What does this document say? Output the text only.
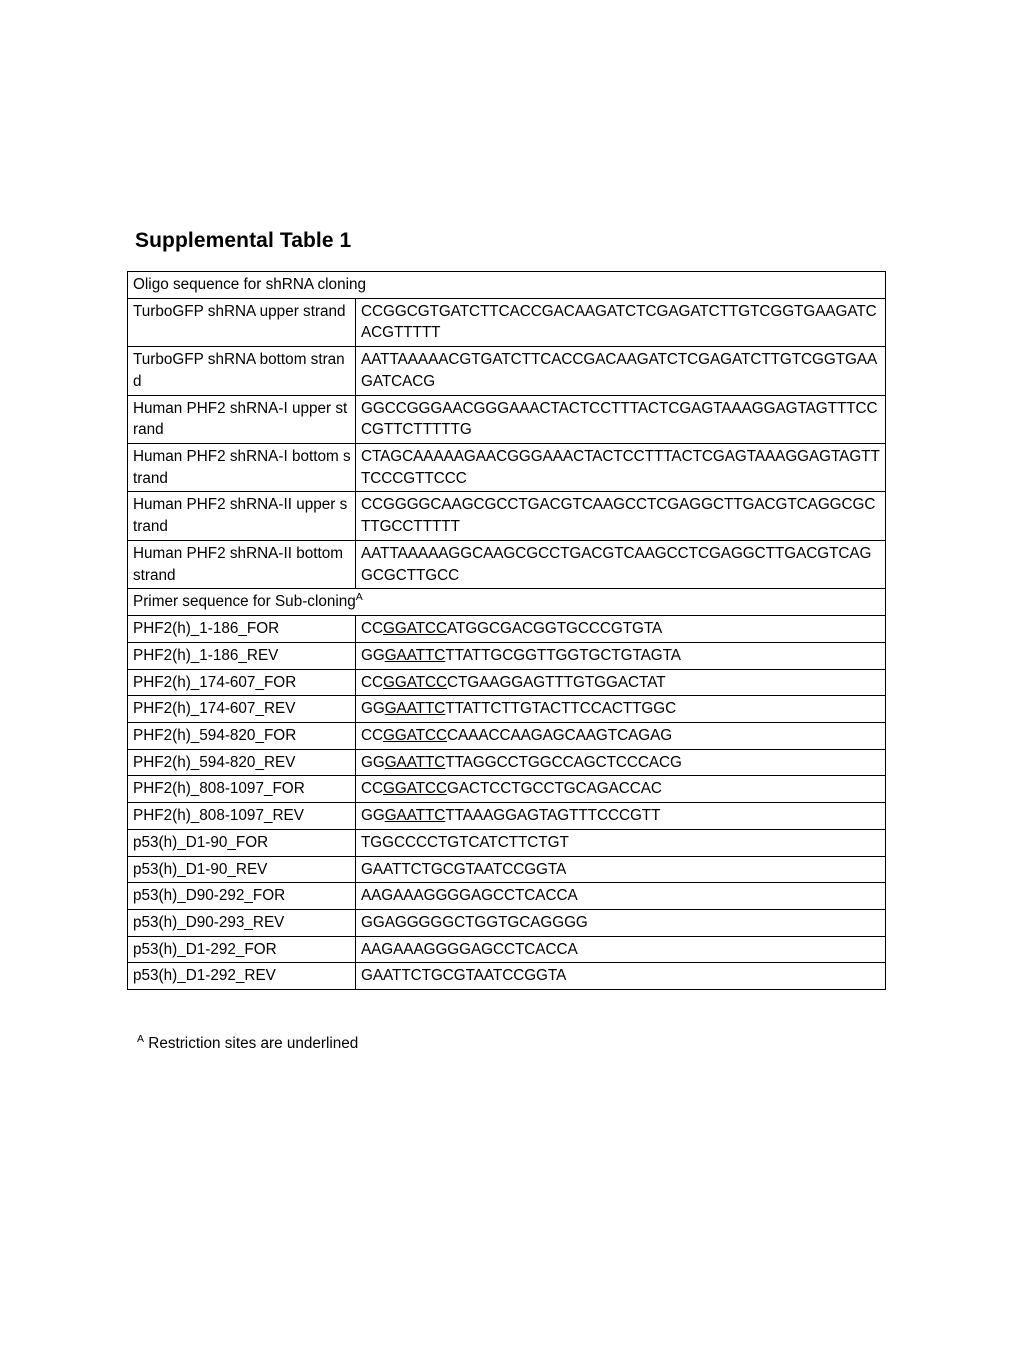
Supplemental Table 1
Oligo sequence for shRNA cloning	
TurboGFP shRNA upper strand	CCGGCGTGATCTTCACCGACAAGATCTCGAGATCTTGTCGGTGAAGATCACGTTTTT
TurboGFP shRNA bottom strand	AATTAAAAACGTGATCTTCACCGACAAGATCTCGAGATCTTGTCGGTGAAGATCACG
Human PHF2 shRNA-I upper strand	GGCCGGGAACGGGAAACTACTCCTTTACTCGAGTAAAGGAGTAGTTTCCCGTTCTTTTTG
Human PHF2 shRNA-I bottom strand	CTAGCAAAAAGAACGGGAAACTACTCCTTTACTCGAGTAAAGGAGTAGTTTCCCGTTCCC
Human PHF2 shRNA-II upper strand	CCGGGGCAAGCGCCTGACGTCAAGCCTCGAGGCTTGACGTCAGGCGCTTGCCTTTTT
Human PHF2 shRNA-II bottom strand	AATTAAAAAGGCAAGCGCCTGACGTCAAGCCTCGAGGCTTGACGTCAGGCGCTTGCC
Primer sequence for Sub-cloning$^A$
PHF2(h)_1-186_FOR	CCGGATCCATGGCGACGGTGCCCGTGTA
PHF2(h)_1-186_REV	GGGAATTCTTATTGCGGTTGGTGCTGTAGTA
PHF2(h)_174-607_FOR	CCGGATCCCTGAAGGAGTTTGTGGACTAT
PHF2(h)_174-607_REV	GGGAATTCTTATTCTTGTACTTCCACTTGGC
PHF2(h)_594-820_FOR	CCGGATCCCAAACCAAGAGCAAGTCAGAG
PHF2(h)_594-820_REV	GGGAATTCTTAGGCCTGGCCAGCTCCCACG
PHF2(h)_808-1097_FOR	CCGGATCCGACTCCTGCCTGCAGACCAC
PHF2(h)_808-1097_REV	GGGAATTCTTAAAGGAGTAGTTTCCCGTT
p53(h)_D1-90_FOR	TGGCCCCTGTCATCTTCTGT
p53(h)_D1-90_REV	GAATTCTGCGTAATCCGGTA
p53(h)_D90-292_FOR	AAGAAAGGGGAGCCTCACCA
p53(h)_D90-293_REV	GGAGGGGGCTGGTGCAGGGG
p53(h)_D1-292_FOR	AAGAAAGGGGAGCCTCACCA
p53(h)_D1-292_REV	GAATTCTGCGTAATCCGGTA
$^A$ Restriction sites are underlined
